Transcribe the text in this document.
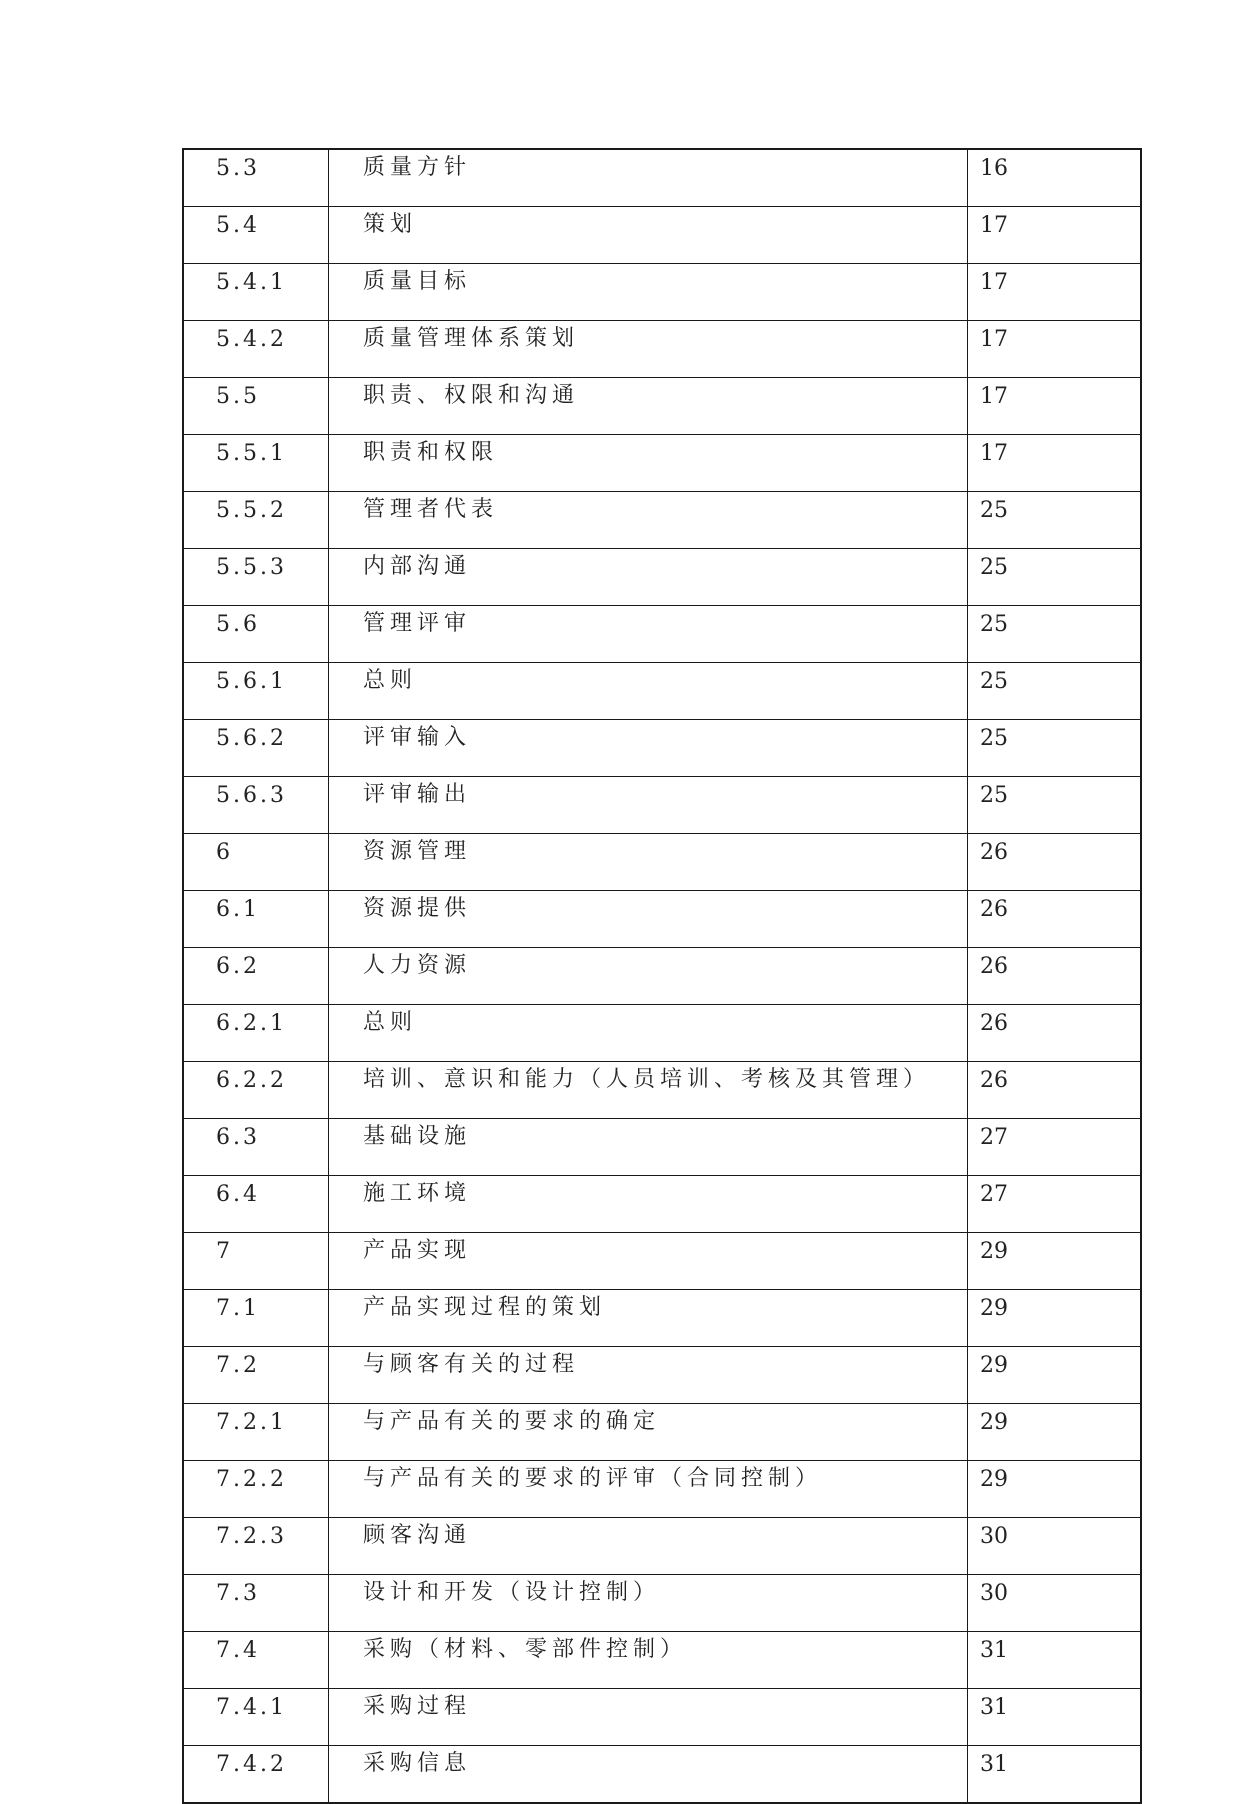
5.3	质量方针	16
5.4	策划	17
5.4.1	质量目标	17
5.4.2	质量管理体系策划	17
5.5	职责、权限和沟通	17
5.5.1	职责和权限	17
5.5.2	管理者代表	25
5.5.3	内部沟通	25
5.6	管理评审	25
5.6.1	总则	25
5.6.2	评审输入	25
5.6.3	评审输出	25
6	资源管理	26
6.1	资源提供	26
6.2	人力资源	26
6.2.1	总则	26
6.2.2	培训、意识和能力（人员培训、考核及其管理）	26
6.3	基础设施	27
6.4	施工环境	27
7	产品实现	29
7.1	产品实现过程的策划	29
7.2	与顾客有关的过程	29
7.2.1	与产品有关的要求的确定	29
7.2.2	与产品有关的要求的评审（合同控制）	29
7.2.3	顾客沟通	30
7.3	设计和开发（设计控制）	30
7.4	采购（材料、零部件控制）	31
7.4.1	采购过程	31
7.4.2	采购信息	31
